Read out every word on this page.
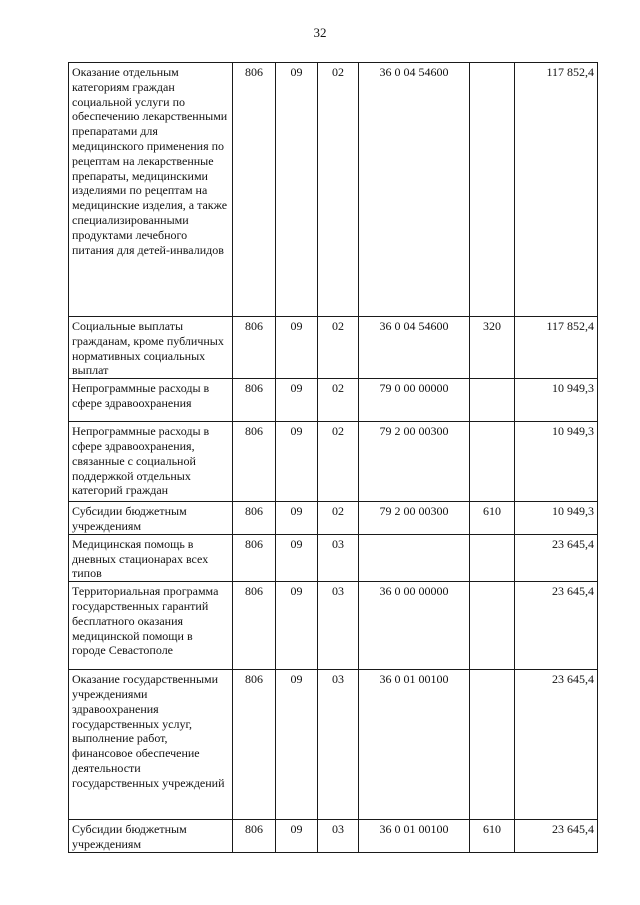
32
Оказание отдельным категориям граждан социальной услуги по обеспечению лекарственными препаратами для медицинского применения по рецептам на лекарственные препараты, медицинскими изделиями по рецептам на медицинские изделия, а также специализированными продуктами лечебного питания для детей-инвалидов	806	09	02	36 0 04 54600		117 852,4
Социальные выплаты гражданам, кроме публичных нормативных социальных выплат	806	09	02	36 0 04 54600	320	117 852,4
Непрограммные расходы в сфере здравоохранения	806	09	02	79 0 00 00000		10 949,3
Непрограммные расходы в сфере здравоохранения, связанные с социальной поддержкой отдельных категорий граждан	806	09	02	79 2 00 00300		10 949,3
Субсидии бюджетным учреждениям	806	09	02	79 2 00 00300	610	10 949,3
Медицинская помощь в дневных стационарах всех типов	806	09	03			23 645,4
Территориальная программа государственных гарантий бесплатного оказания медицинской помощи в городе Севастополе	806	09	03	36 0 00 00000		23 645,4
Оказание государственными учреждениями здравоохранения государственных услуг, выполнение работ, финансовое обеспечение деятельности государственных учреждений	806	09	03	36 0 01 00100		23 645,4
Субсидии бюджетным учреждениям	806	09	03	36 0 01 00100	610	23 645,4
